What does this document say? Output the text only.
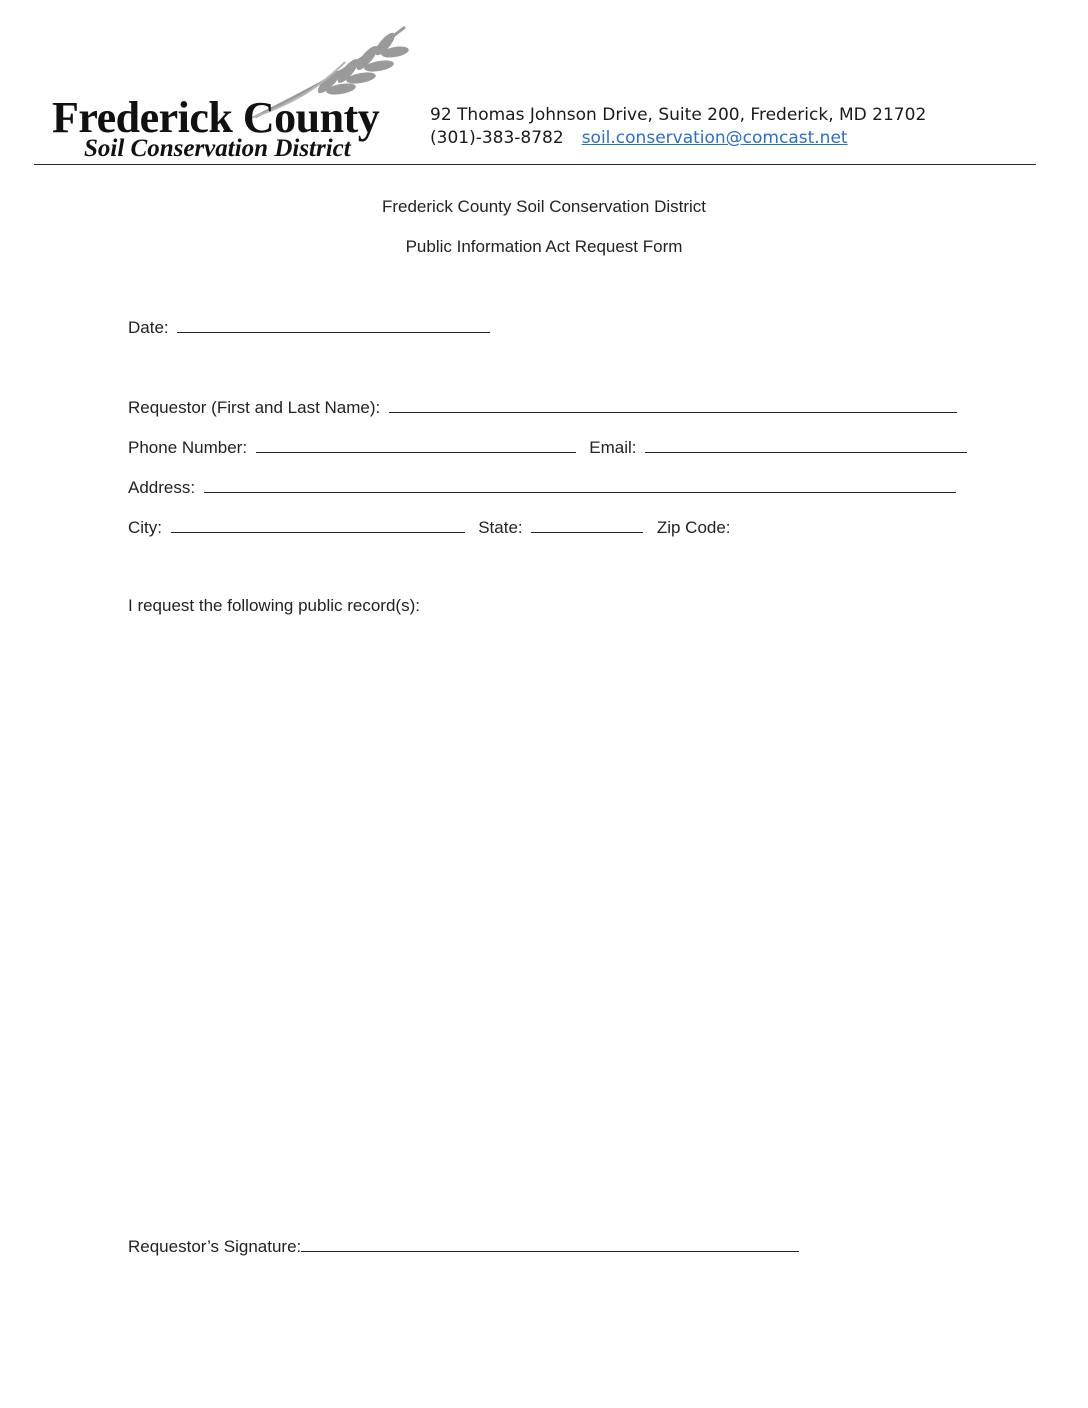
Frederick County
Soil Conservation District
92 Thomas Johnson Drive, Suite 200, Frederick, MD 21702
(301)-383-8782 soil.conservation@comcast.net
Frederick County Soil Conservation District
Public Information Act Request Form
Date:
Requestor (First and Last Name):
Phone Number:	Email:
Address:
City:	State:	Zip Code:
I request the following public record(s):
Requestor’s Signature:
